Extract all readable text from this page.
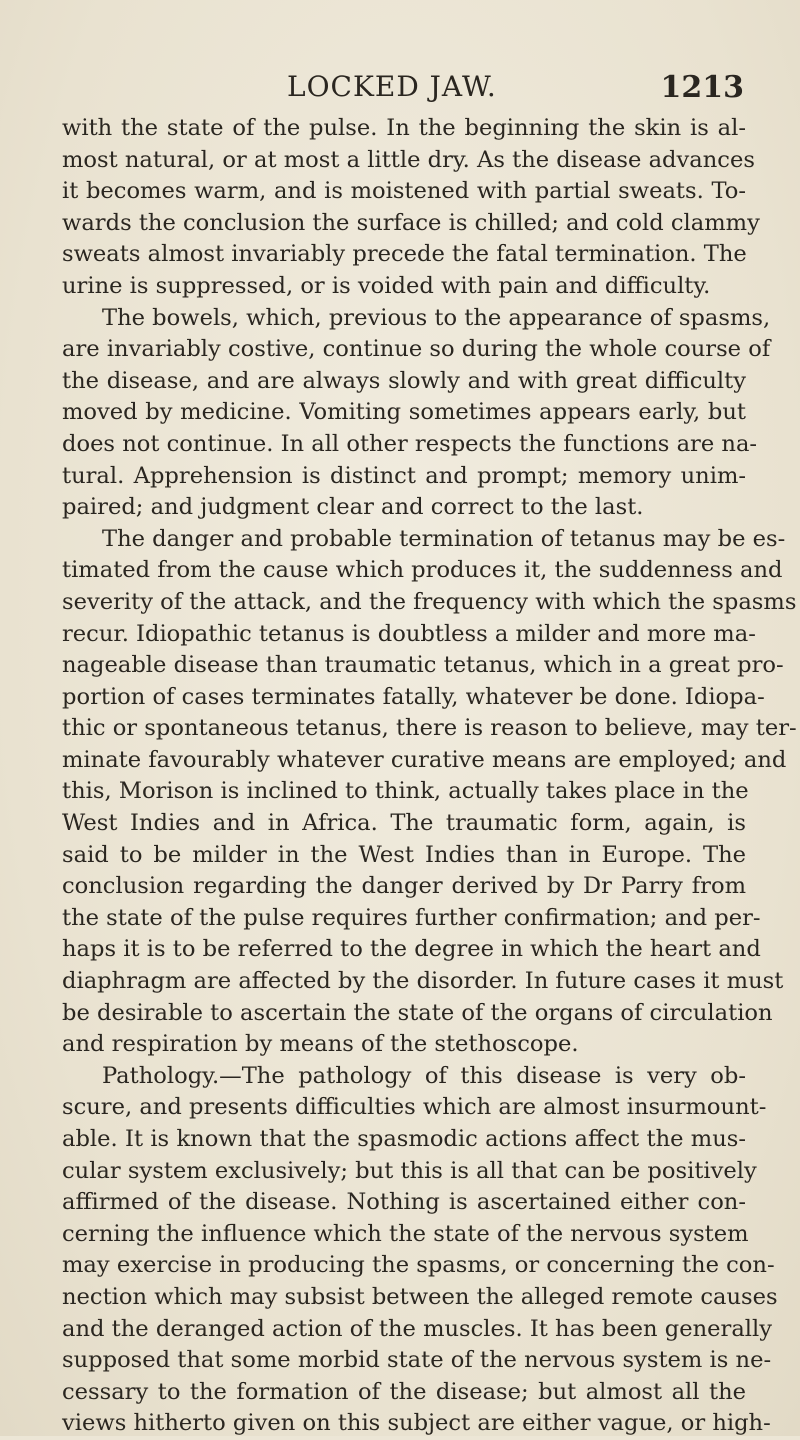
LOCKED JAW.	1213
with the state of the pulse. In the beginning the skin is al-
most natural, or at most a little dry. As the disease advances
it becomes warm, and is moistened with partial sweats. To-
wards the conclusion the surface is chilled; and cold clammy
sweats almost invariably precede the fatal termination. The
urine is suppressed, or is voided with pain and difficulty.
The bowels, which, previous to the appearance of spasms,
are invariably costive, continue so during the whole course of
the disease, and are always slowly and with great difficulty
moved by medicine. Vomiting sometimes appears early, but
does not continue. In all other respects the functions are na-
tural. Apprehension is distinct and prompt; memory unim-
paired; and judgment clear and correct to the last.
The danger and probable termination of tetanus may be es-
timated from the cause which produces it, the suddenness and
severity of the attack, and the frequency with which the spasms
recur. Idiopathic tetanus is doubtless a milder and more ma-
nageable disease than traumatic tetanus, which in a great pro-
portion of cases terminates fatally, whatever be done. Idiopa-
thic or spontaneous tetanus, there is reason to believe, may ter-
minate favourably whatever curative means are employed; and
this, Morison is inclined to think, actually takes place in the
West Indies and in Africa. The traumatic form, again, is
said to be milder in the West Indies than in Europe. The
conclusion regarding the danger derived by Dr Parry from
the state of the pulse requires further confirmation; and per-
haps it is to be referred to the degree in which the heart and
diaphragm are affected by the disorder. In future cases it must
be desirable to ascertain the state of the organs of circulation
and respiration by means of the stethoscope.
Pathology.—The pathology of this disease is very ob-
scure, and presents difficulties which are almost insurmount-
able. It is known that the spasmodic actions affect the mus-
cular system exclusively; but this is all that can be positively
affirmed of the disease. Nothing is ascertained either con-
cerning the influence which the state of the nervous system
may exercise in producing the spasms, or concerning the con-
nection which may subsist between the alleged remote causes
and the deranged action of the muscles. It has been generally
supposed that some morbid state of the nervous system is ne-
cessary to the formation of the disease; but almost all the
views hitherto given on this subject are either vague, or high-
